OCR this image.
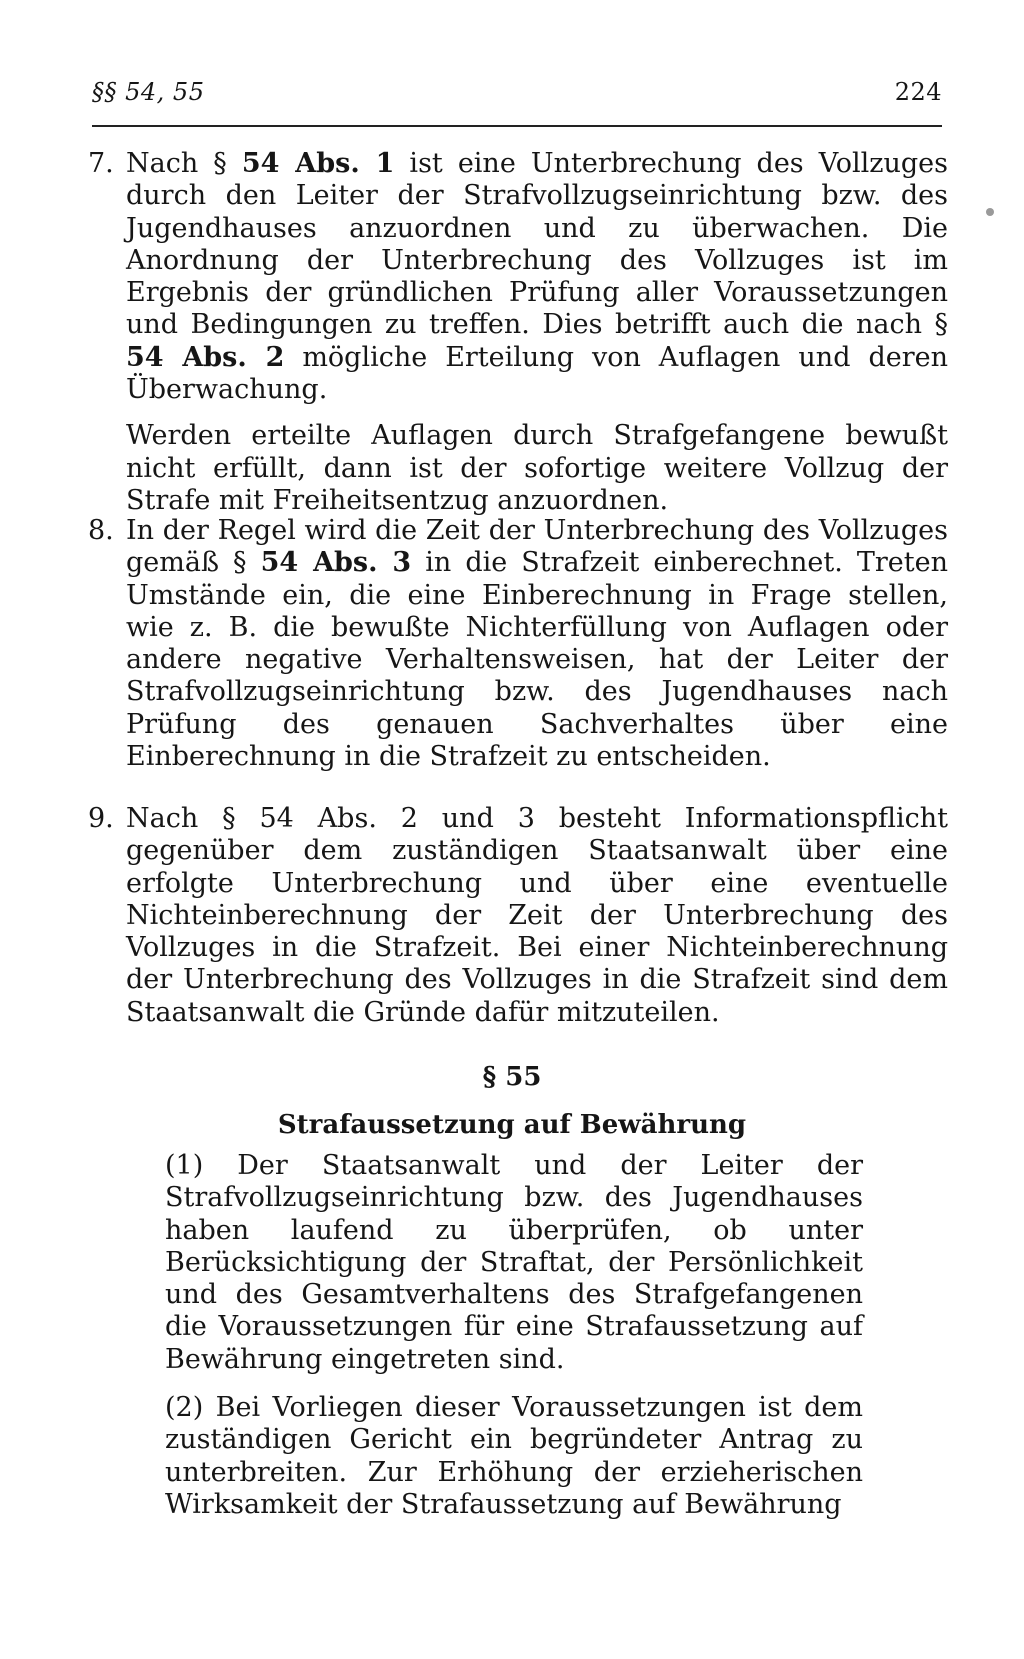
§§ 54, 55	224
7. Nach § 54 Abs. 1 ist eine Unterbrechung des Vollzuges durch den Leiter der Strafvollzugseinrichtung bzw. des Jugendhauses anzuordnen und zu überwachen. Die Anordnung der Unterbrechung des Vollzuges ist im Ergebnis der gründlichen Prüfung aller Voraussetzungen und Bedingungen zu treffen. Dies betrifft auch die nach § 54 Abs. 2 mögliche Erteilung von Auflagen und deren Überwachung.

Werden erteilte Auflagen durch Strafgefangene bewußt nicht erfüllt, dann ist der sofortige weitere Vollzug der Strafe mit Freiheitsentzug anzuordnen.

8. In der Regel wird die Zeit der Unterbrechung des Vollzuges gemäß § 54 Abs. 3 in die Strafzeit einberechnet. Treten Umstände ein, die eine Einberechnung in Frage stellen, wie z. B. die bewußte Nichterfüllung von Auflagen oder andere negative Verhaltensweisen, hat der Leiter der Strafvollzugseinrichtung bzw. des Jugendhauses nach Prüfung des genauen Sachverhaltes über eine Einberechnung in die Strafzeit zu entscheiden.

9. Nach § 54 Abs. 2 und 3 besteht Informationspflicht gegenüber dem zuständigen Staatsanwalt über eine erfolgte Unterbrechung und über eine eventuelle Nichteinberechnung der Zeit der Unterbrechung des Vollzuges in die Strafzeit. Bei einer Nichteinberechnung der Unterbrechung des Vollzuges in die Strafzeit sind dem Staatsanwalt die Gründe dafür mitzuteilen.

§ 55
Strafaussetzung auf Bewährung

(1) Der Staatsanwalt und der Leiter der Strafvollzugseinrichtung bzw. des Jugendhauses haben laufend zu überprüfen, ob unter Berücksichtigung der Straftat, der Persönlichkeit und des Gesamtverhaltens des Strafgefangenen die Voraussetzungen für eine Strafaussetzung auf Bewährung eingetreten sind.

(2) Bei Vorliegen dieser Voraussetzungen ist dem zuständigen Gericht ein begründeter Antrag zu unterbreiten. Zur Erhöhung der erzieherischen Wirksamkeit der Strafaussetzung auf Bewährung
